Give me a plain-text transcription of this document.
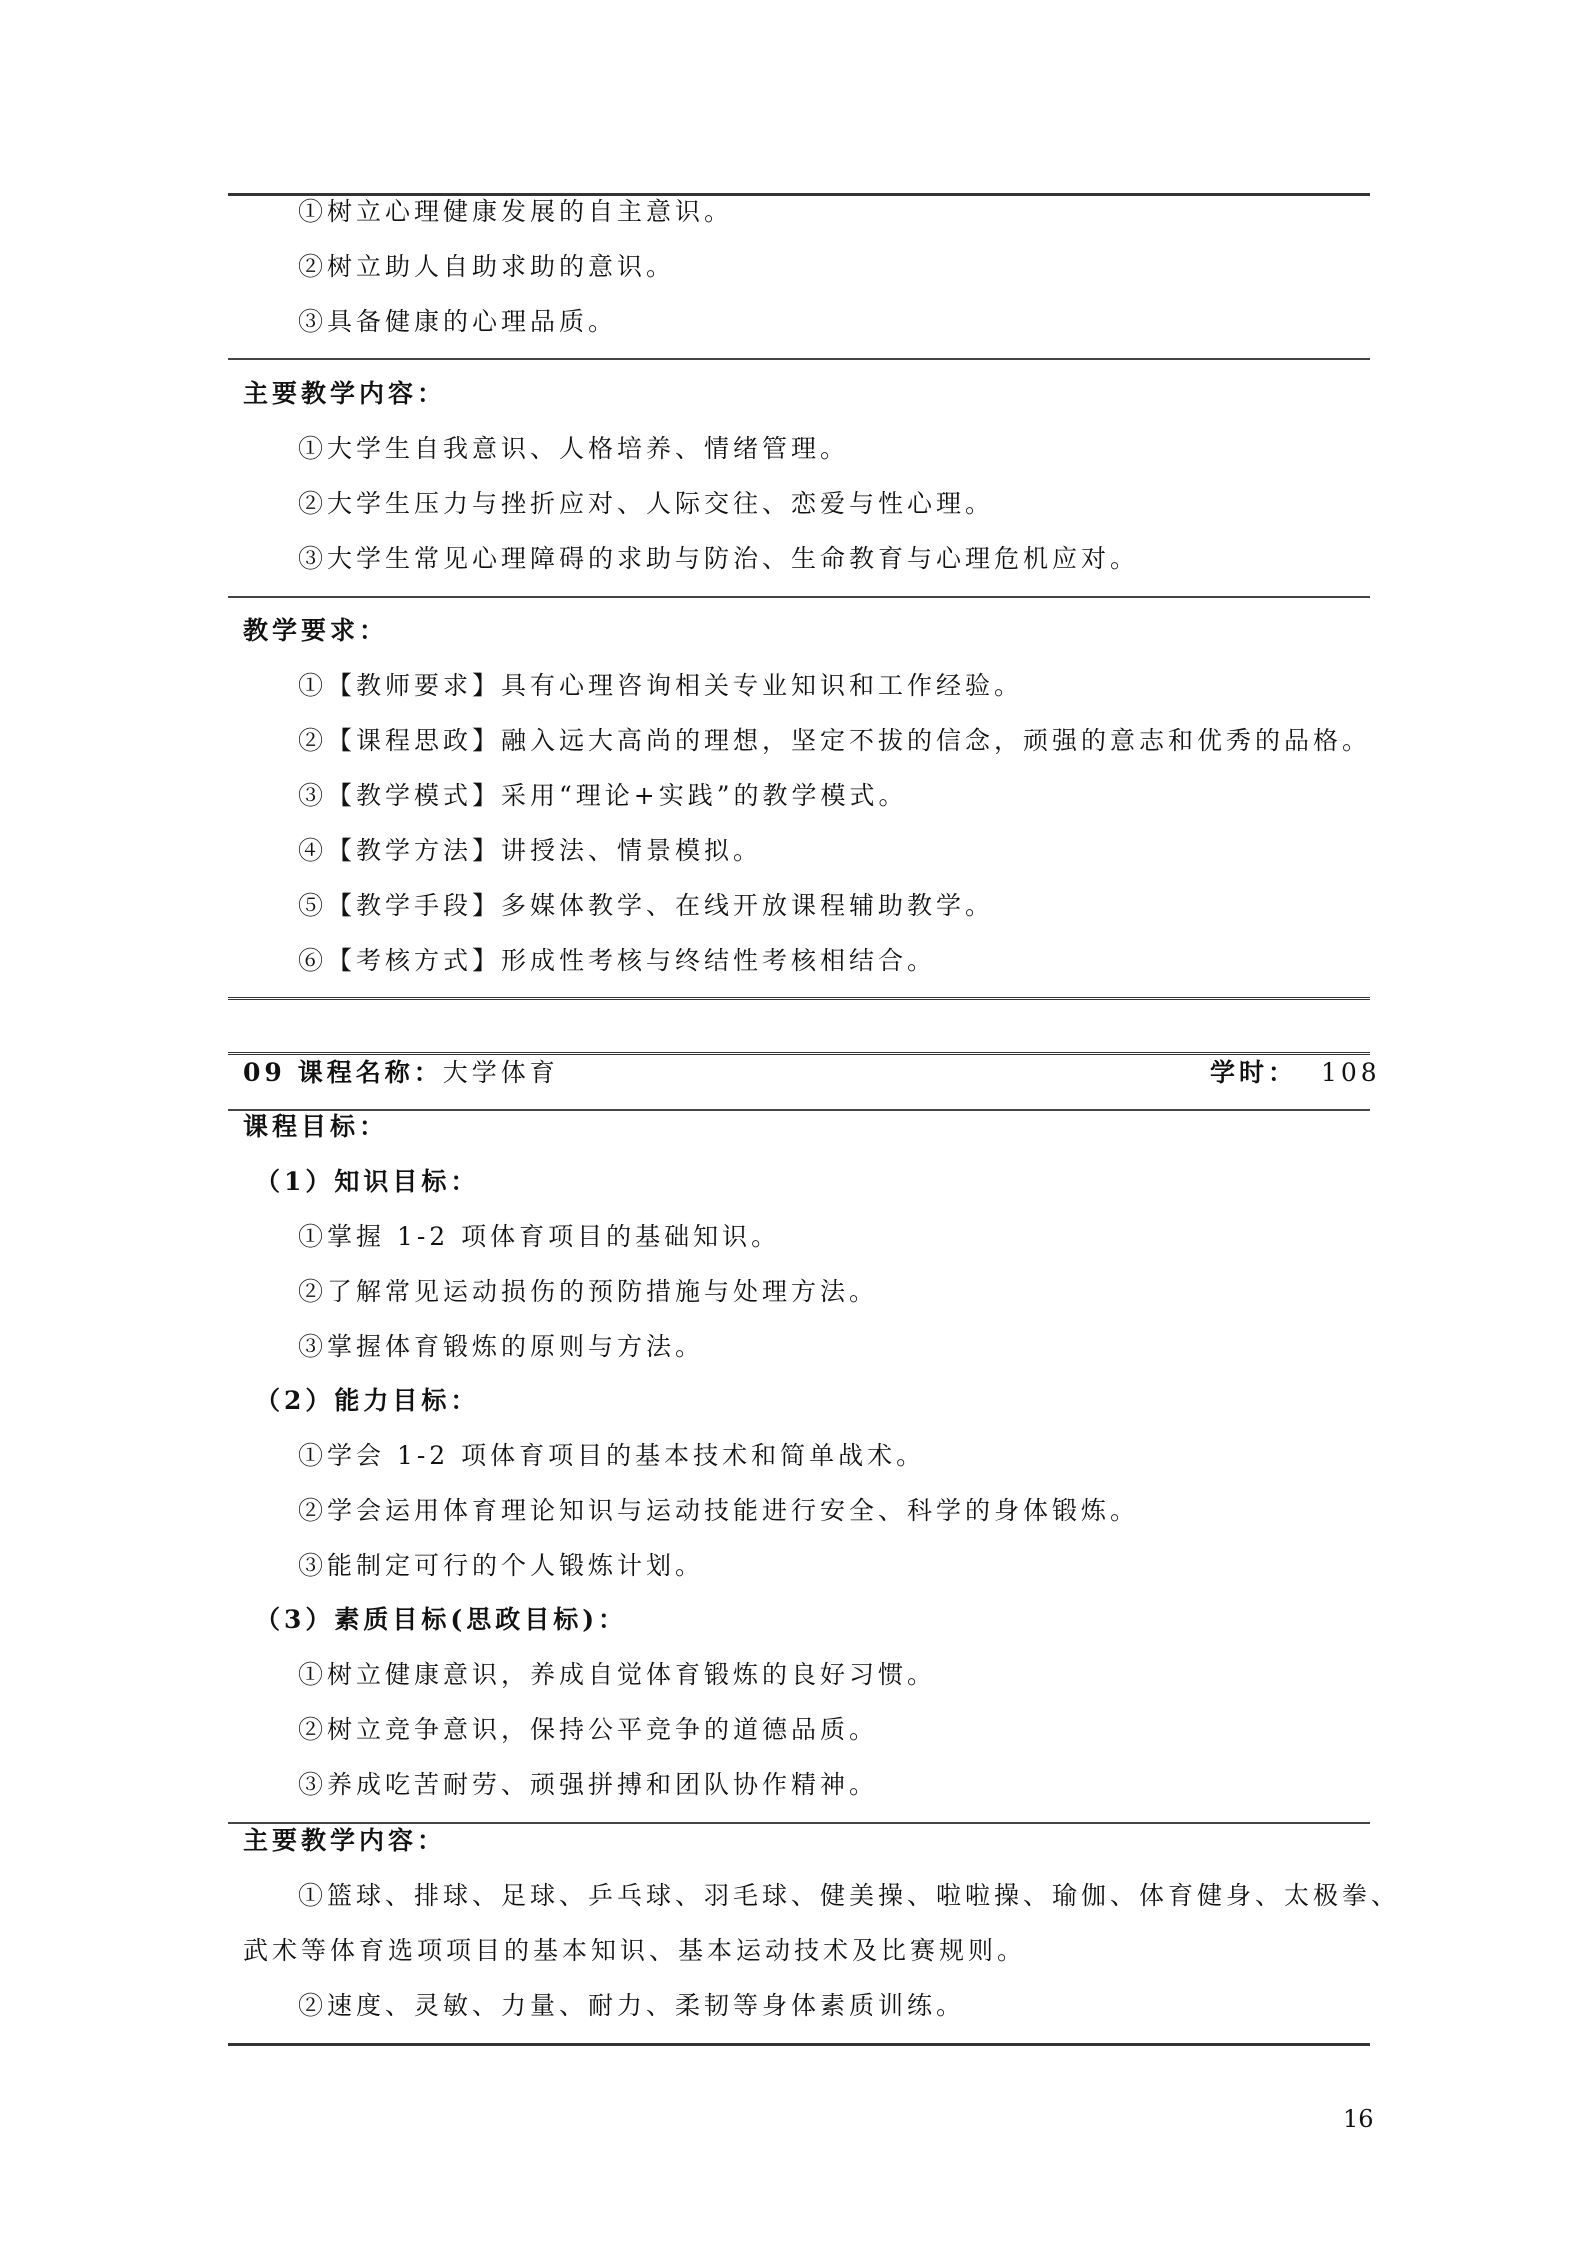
①树立心理健康发展的自主意识。
②树立助人自助求助的意识。
③具备健康的心理品质。
主要教学内容：
①大学生自我意识、人格培养、情绪管理。
②大学生压力与挫折应对、人际交往、恋爱与性心理。
③大学生常见心理障碍的求助与防治、生命教育与心理危机应对。
教学要求：
①【教师要求】具有心理咨询相关专业知识和工作经验。
②【课程思政】融入远大高尚的理想，坚定不拔的信念，顽强的意志和优秀的品格。
③【教学模式】采用“理论+实践”的教学模式。
④【教学方法】讲授法、情景模拟。
⑤【教学手段】多媒体教学、在线开放课程辅助教学。
⑥【考核方式】形成性考核与终结性考核相结合。
09 课程名称：大学体育	学时： 108
课程目标：
（1）知识目标：
①掌握 1-2 项体育项目的基础知识。
②了解常见运动损伤的预防措施与处理方法。
③掌握体育锻炼的原则与方法。
（2）能力目标：
①学会 1-2 项体育项目的基本技术和简单战术。
②学会运用体育理论知识与运动技能进行安全、科学的身体锻炼。
③能制定可行的个人锻炼计划。
（3）素质目标(思政目标)：
①树立健康意识，养成自觉体育锻炼的良好习惯。
②树立竞争意识，保持公平竞争的道德品质。
③养成吃苦耐劳、顽强拼搏和团队协作精神。
主要教学内容：
①篮球、排球、足球、乒乓球、羽毛球、健美操、啦啦操、瑜伽、体育健身、太极拳、
武术等体育选项项目的基本知识、基本运动技术及比赛规则。
②速度、灵敏、力量、耐力、柔韧等身体素质训练。
16
